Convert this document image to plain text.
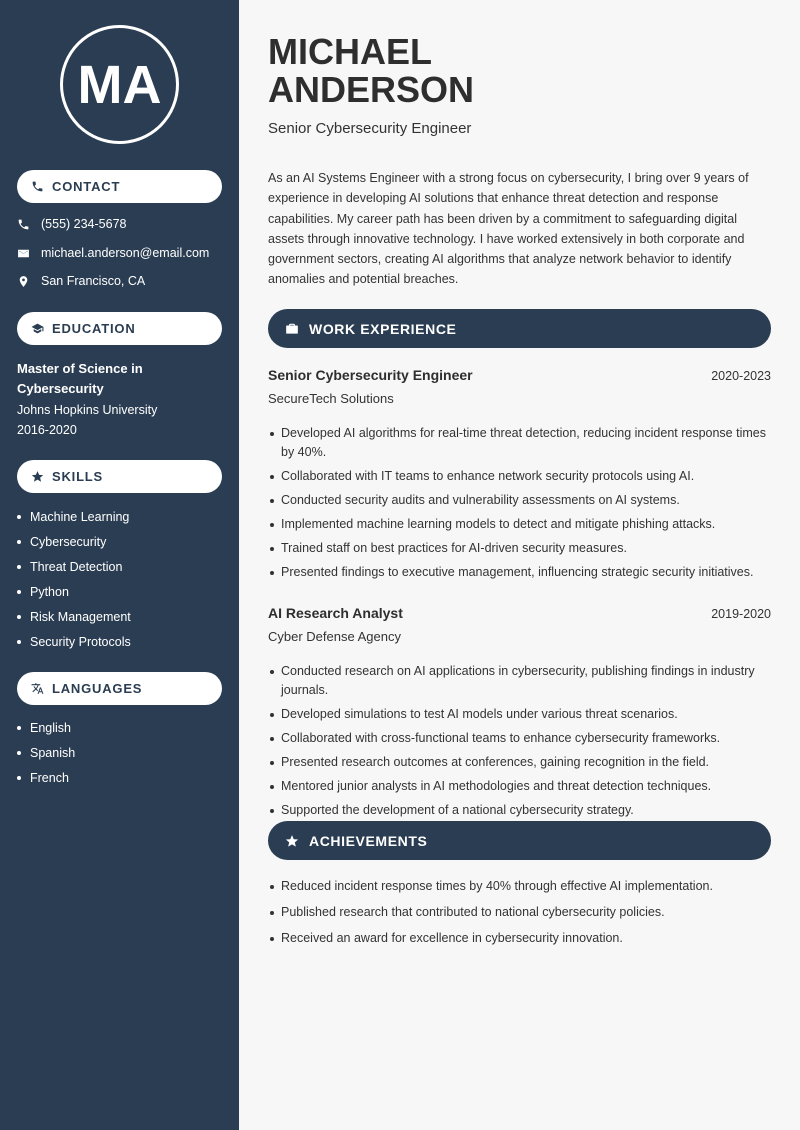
MA
CONTACT
(555) 234-5678
michael.anderson@email.com
San Francisco, CA
EDUCATION
Master of Science in Cybersecurity
Johns Hopkins University
2016-2020
SKILLS
Machine Learning
Cybersecurity
Threat Detection
Python
Risk Management
Security Protocols
LANGUAGES
English
Spanish
French
MICHAEL
ANDERSON
Senior Cybersecurity Engineer
As an AI Systems Engineer with a strong focus on cybersecurity, I bring over 9 years of experience in developing AI solutions that enhance threat detection and response capabilities. My career path has been driven by a commitment to safeguarding digital assets through innovative technology. I have worked extensively in both corporate and government sectors, creating AI algorithms that analyze network behavior to identify anomalies and potential breaches.
WORK EXPERIENCE
Senior Cybersecurity Engineer	2020-2023
SecureTech Solutions
Developed AI algorithms for real-time threat detection, reducing incident response times by 40%.
Collaborated with IT teams to enhance network security protocols using AI.
Conducted security audits and vulnerability assessments on AI systems.
Implemented machine learning models to detect and mitigate phishing attacks.
Trained staff on best practices for AI-driven security measures.
Presented findings to executive management, influencing strategic security initiatives.
AI Research Analyst	2019-2020
Cyber Defense Agency
Conducted research on AI applications in cybersecurity, publishing findings in industry journals.
Developed simulations to test AI models under various threat scenarios.
Collaborated with cross-functional teams to enhance cybersecurity frameworks.
Presented research outcomes at conferences, gaining recognition in the field.
Mentored junior analysts in AI methodologies and threat detection techniques.
Supported the development of a national cybersecurity strategy.
ACHIEVEMENTS
Reduced incident response times by 40% through effective AI implementation.
Published research that contributed to national cybersecurity policies.
Received an award for excellence in cybersecurity innovation.
